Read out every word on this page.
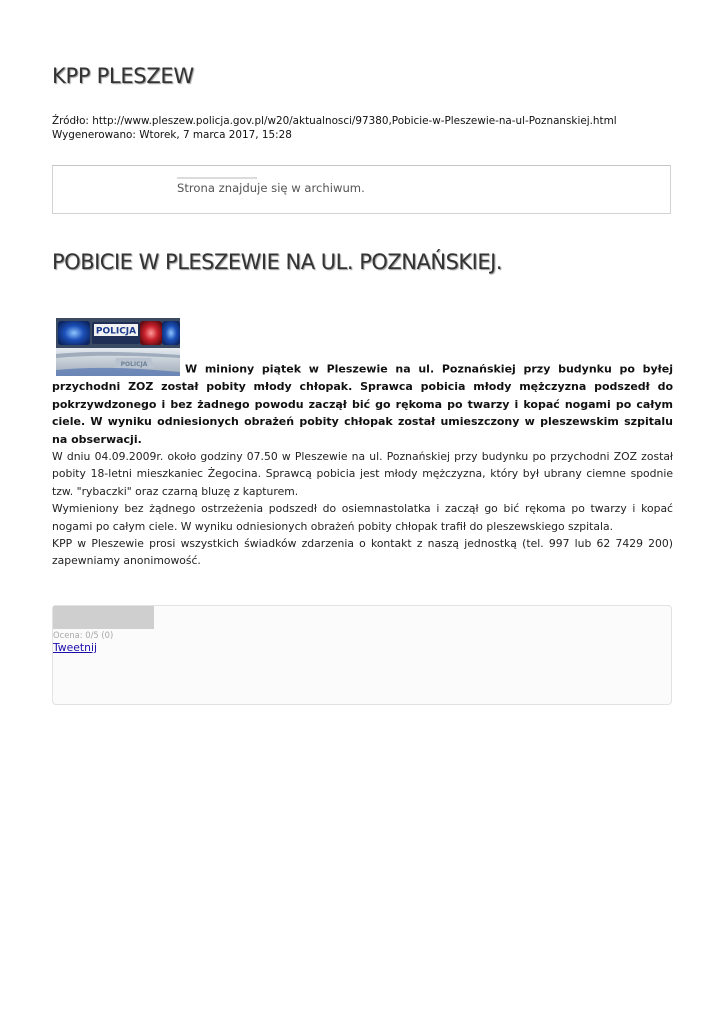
KPP PLESZEW
Źródło: http://www.pleszew.policja.gov.pl/w20/aktualnosci/97380,Pobicie-w-Pleszewie-na-ul-Poznanskiej.html
Wygenerowano: Wtorek, 7 marca 2017, 15:28
Strona znajduje się w archiwum.
POBICIE W PLESZEWIE NA UL. POZNAŃSKIEJ.
POLICJA
POLICJA	W miniony piątek w Pleszewie na ul. Poznańskiej przy budynku po byłej przychodni ZOZ został pobity młody chłopak. Sprawca pobicia młody mężczyzna podszedł do pokrzywdzonego i bez żadnego powodu zaczął bić go rękoma po twarzy i kopać nogami po całym ciele. W wyniku odniesionych obrażeń pobity chłopak został umieszczony w pleszewskim szpitalu na obserwacji.

W dniu 04.09.2009r. około godziny 07.50 w Pleszewie na ul. Poznańskiej przy budynku po przychodni ZOZ został pobity 18-letni mieszkaniec Żegocina. Sprawcą pobicia jest młody mężczyzna, który był ubrany ciemne spodnie tzw. "rybaczki" oraz czarną bluzę z kapturem.

Wymieniony bez żądnego ostrzeżenia podszedł do osiemnastolatka i zaczął go bić rękoma po twarzy i kopać nogami po całym ciele. W wyniku odniesionych obrażeń pobity chłopak trafił do pleszewskiego szpitala.

KPP w Pleszewie prosi wszystkich świadków zdarzenia o kontakt z naszą jednostką (tel. 997 lub 62 7429 200) zapewniamy anonimowość.

Ocena: 0/5 (0)
Tweetnij
